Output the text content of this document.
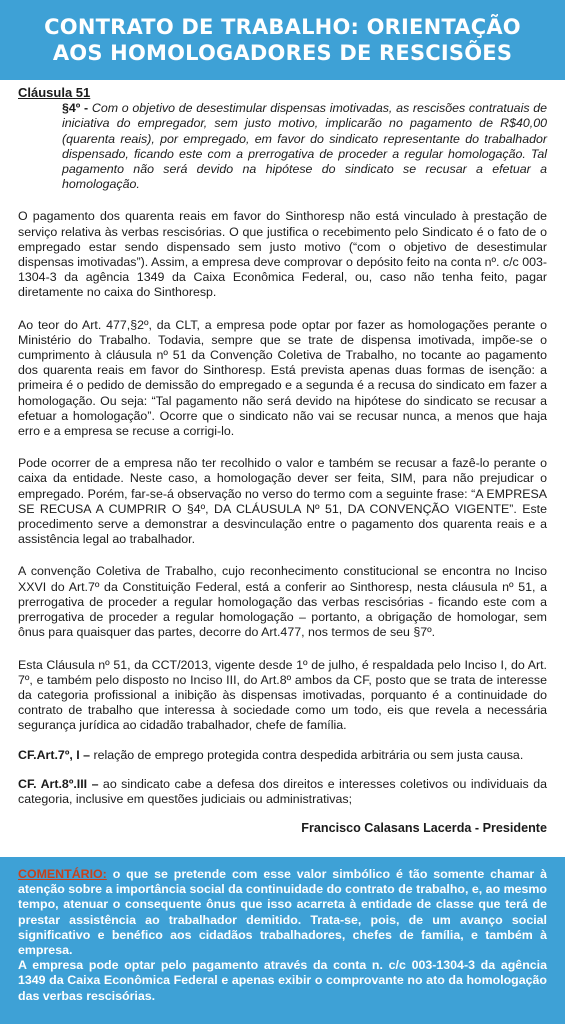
CONTRATO DE TRABALHO: ORIENTAÇÃO
AOS HOMOLOGADORES DE RESCISÕES

Cláusula 51

§4º - Com o objetivo de desestimular dispensas imotivadas, as rescisões contratuais de iniciativa do empregador, sem justo motivo, implicarão no pagamento de R$40,00 (quarenta reais), por empregado, em favor do sindicato representante do trabalhador dispensado, ficando este com a prerrogativa de proceder a regular homologação. Tal pagamento não será devido na hipótese do sindicato se recusar a efetuar a homologação.

O pagamento dos quarenta reais em favor do Sinthoresp não está vinculado à prestação de serviço relativa às verbas rescisórias. O que justifica o recebimento pelo Sindicato é o fato de o empregado estar sendo dispensado sem justo motivo (“com o objetivo de desestimular dispensas imotivadas”). Assim, a empresa deve comprovar o depósito feito na conta nº. c/c 003-1304-3 da agência 1349 da Caixa Econômica Federal, ou, caso não tenha feito, pagar diretamente no caixa do Sinthoresp.

Ao teor do Art. 477,§2º, da CLT, a empresa pode optar por fazer as homologações perante o Ministério do Trabalho. Todavia, sempre que se trate de dispensa imotivada, impõe-se o cumprimento à cláusula nº 51 da Convenção Coletiva de Trabalho, no tocante ao pagamento dos quarenta reais em favor do Sinthoresp. Está prevista apenas duas formas de isenção: a primeira é o pedido de demissão do empregado e a segunda é a recusa do sindicato em fazer a homologação. Ou seja: “Tal pagamento não será devido na hipótese do sindicato se recusar a efetuar a homologação”. Ocorre que o sindicato não vai se recusar nunca, a menos que haja erro e a empresa se recuse a corrigi-lo.

Pode ocorrer de a empresa não ter recolhido o valor e também se recusar a fazê-lo perante o caixa da entidade. Neste caso, a homologação dever ser feita, SIM, para não prejudicar o empregado. Porém, far-se-á observação no verso do termo com a seguinte frase: “A EMPRESA SE RECUSA A CUMPRIR O §4º, DA CLÁUSULA Nº 51, DA CONVENÇÃO VIGENTE”. Este procedimento serve a demonstrar a desvinculação entre o pagamento dos quarenta reais e a assistência legal ao trabalhador.

A convenção Coletiva de Trabalho, cujo reconhecimento constitucional se encontra no Inciso XXVI do Art.7º da Constituição Federal, está a conferir ao Sinthoresp, nesta cláusula nº 51, a prerrogativa de proceder a regular homologação das verbas rescisórias - ficando este com a prerrogativa de proceder a regular homologação – portanto, a obrigação de homologar, sem ônus para quaisquer das partes, decorre do Art.477, nos termos de seu §7º.

Esta Cláusula nº 51, da CCT/2013, vigente desde 1º de julho, é respaldada pelo Inciso I, do Art. 7º, e também pelo disposto no Inciso III, do Art.8º ambos da CF, posto que se trata de interesse da categoria profissional a inibição às dispensas imotivadas, porquanto é a continuidade do contrato de trabalho que interessa à sociedade como um todo, eis que revela a necessária segurança jurídica ao cidadão trabalhador, chefe de família.

CF.Art.7º, I – relação de emprego protegida contra despedida arbitrária ou sem justa causa.

CF. Art.8º.III – ao sindicato cabe a defesa dos direitos e interesses coletivos ou individuais da categoria, inclusive em questões judiciais ou administrativas;

Francisco Calasans Lacerda - Presidente

COMENTÁRIO: o que se pretende com esse valor simbólico é tão somente chamar à atenção sobre a importância social da continuidade do contrato de trabalho, e, ao mesmo tempo, atenuar o consequente ônus que isso acarreta à entidade de classe que terá de prestar assistência ao trabalhador demitido. Trata-se, pois, de um avanço social significativo e benéfico aos cidadãos trabalhadores, chefes de família, e também à empresa.

A empresa pode optar pelo pagamento através da conta n. c/c 003-1304-3 da agência 1349 da Caixa Econômica Federal e apenas exibir o comprovante no ato da homologação das verbas rescisórias.
